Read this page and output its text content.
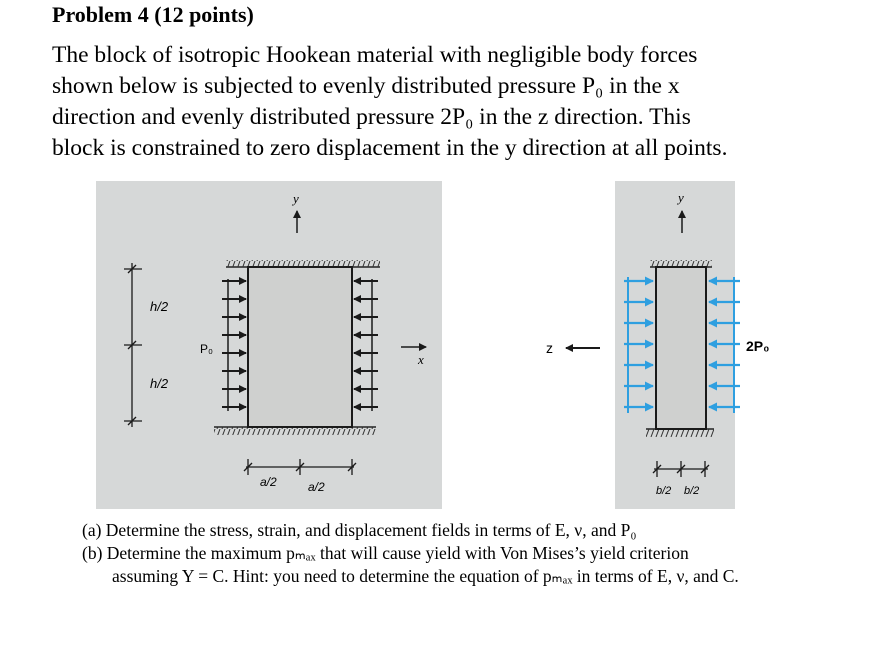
Problem 4 (12 points)
The block of isotropic Hookean material with negligible body forces
shown below is subjected to evenly distributed pressure P₀ in the x
direction and evenly distributed pressure 2P₀ in the z direction. This
block is constrained to zero displacement in the y direction at all points.
y
x
h/2
h/2
P₀
a/2	a/2
y
z	2P₀
b/2 b/2
(a) Determine the stress, strain, and displacement fields in terms of E, ν, and P₀
(b) Determine the maximum pₘₐₓ that will cause yield with Von Mises’s yield criterion
assuming Y = C. Hint: you need to determine the equation of pₘₐₓ in terms of E, ν, and C.
